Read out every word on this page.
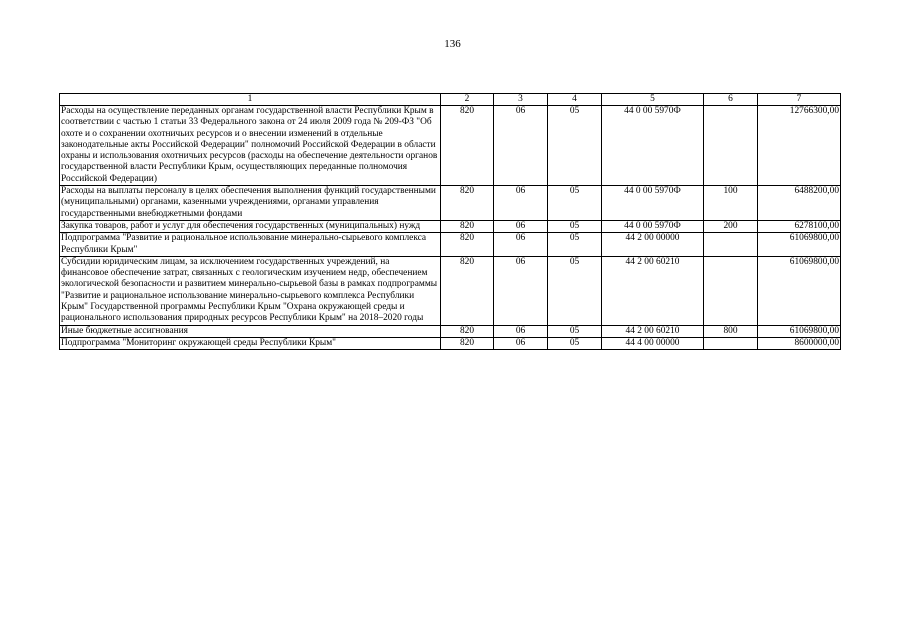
136
1	2	3	4	5	6	7
Расходы на осуществление переданных органам государственной власти Республики Крым в соответствии с частью 1 статьи 33 Федерального закона от 24 июля 2009 года № 209-ФЗ "Об охоте и о сохранении охотничьих ресурсов и о внесении изменений в отдельные законодательные акты Российской Федерации" полномочий Российской Федерации в области охраны и использования охотничьих ресурсов (расходы на обеспечение деятельности органов государственной власти Республики Крым, осуществляющих переданные полномочия Российской Федерации)	820	06	05	44 0 00 5970Ф		12766300,00
Расходы на выплаты персоналу в целях обеспечения выполнения функций государственными (муниципальными) органами, казенными учреждениями, органами управления государственными внебюджетными фондами	820	06	05	44 0 00 5970Ф	100	6488200,00
Закупка товаров, работ и услуг для обеспечения государственных (муниципальных) нужд	820	06	05	44 0 00 5970Ф	200	6278100,00
Подпрограмма "Развитие и рациональное использование минерально-сырьевого комплекса Республики Крым"	820	06	05	44 2 00 00000		61069800,00
Субсидии юридическим лицам, за исключением государственных учреждений, на финансовое обеспечение затрат, связанных с геологическим изучением недр, обеспечением экологической безопасности и развитием минерально-сырьевой базы в рамках подпрограммы "Развитие и рациональное использование минерально-сырьевого комплекса Республики Крым" Государственной программы Республики Крым "Охрана окружающей среды и рационального использования природных ресурсов Республики Крым" на 2018–2020 годы	820	06	05	44 2 00 60210		61069800,00
Иные бюджетные ассигнования	820	06	05	44 2 00 60210	800	61069800,00
Подпрограмма "Мониторинг окружающей среды Республики Крым"	820	06	05	44 4 00 00000		8600000,00
